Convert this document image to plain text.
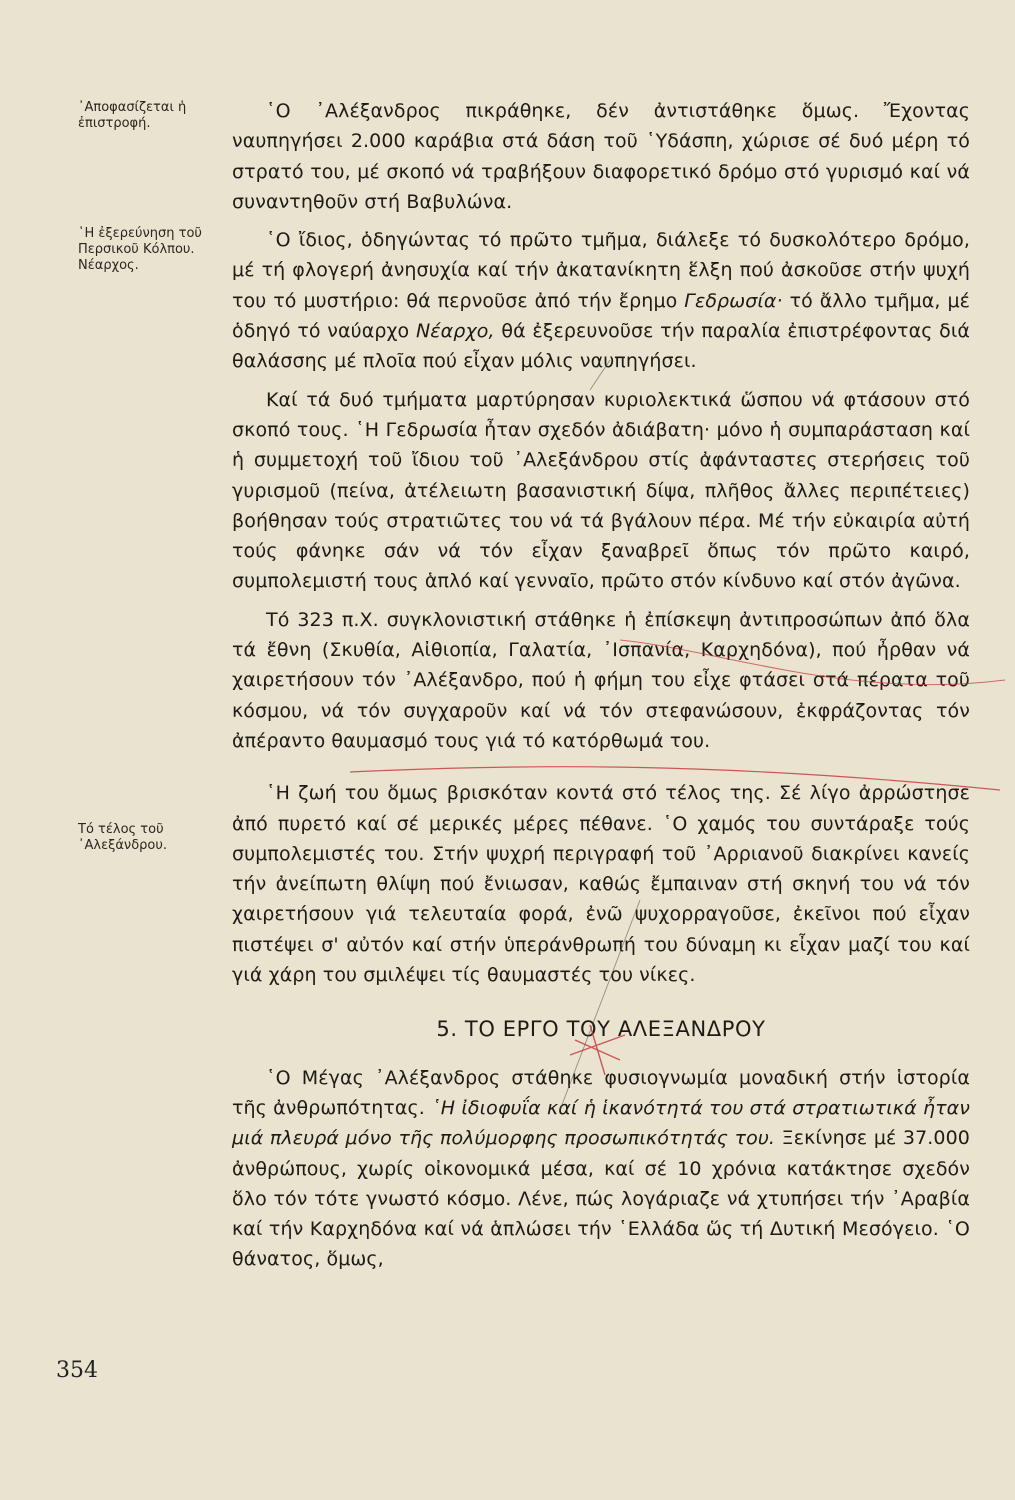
᾿Αποφασίζεται ἡ ἐπιστροφή.
῾Η ἐξερεύνηση τοῦ Περσικοῦ Κόλπου. Νέαρχος.
Τό τέλος τοῦ ᾿Αλεξάνδρου.

῾Ο ᾿Αλέξανδρος πικράθηκε, δέν ἀντιστάθηκε ὅμως. Ἔχοντας ναυπηγήσει 2.000 καράβια στά δάση τοῦ ῾Υδάσπη, χώρισε σέ δυό μέρη τό στρατό του, μέ σκοπό νά τραβήξουν διαφορετικό δρόμο στό γυρισμό καί νά συναντηθοῦν στή Βαβυλώνα.

῾Ο ἴδιος, ὁδηγώντας τό πρῶτο τμῆμα, διάλεξε τό δυσκολότερο δρόμο, μέ τή φλογερή ἀνησυχία καί τήν ἀκατανίκητη ἕλξη πού ἀσκοῦσε στήν ψυχή του τό μυστήριο: θά περνοῦσε ἀπό τήν ἔρημο Γεδρωσία· τό ἄλλο τμῆμα, μέ ὁδηγό τό ναύαρχο Νέαρχο, θά ἐξερευνοῦσε τήν παραλία ἐπιστρέφοντας διά θαλάσσης μέ πλοῖα πού εἶχαν μόλις ναυπηγήσει.

Καί τά δυό τμήματα μαρτύρησαν κυριολεκτικά ὥσπου νά φτάσουν στό σκοπό τους. ῾Η Γεδρωσία ἦταν σχεδόν ἀδιάβατη· μόνο ἡ συμπαράσταση καί ἡ συμμετοχή τοῦ ἴδιου τοῦ ᾿Αλεξάνδρου στίς ἀφάνταστες στερήσεις τοῦ γυρισμοῦ (πείνα, ἀτέλειωτη βασανιστική δίψα, πλῆθος ἄλλες περιπέτειες) βοήθησαν τούς στρατιῶτες του νά τά βγάλουν πέρα. Μέ τήν εὐκαιρία αὐτή τούς φάνηκε σάν νά τόν εἶχαν ξαναβρεῖ ὅπως τόν πρῶτο καιρό, συμπολεμιστή τους ἁπλό καί γενναῖο, πρῶτο στόν κίνδυνο καί στόν ἀγῶνα.

Τό 323 π.Χ. συγκλονιστική στάθηκε ἡ ἐπίσκεψη ἀντιπροσώπων ἀπό ὅλα τά ἔθνη (Σκυθία, Αἰθιοπία, Γαλατία, ᾿Ισπανία, Καρχηδόνα), πού ἦρθαν νά χαιρετήσουν τόν ᾿Αλέξανδρο, πού ἡ φήμη του εἶχε φτάσει στά πέρατα τοῦ κόσμου, νά τόν συγχαροῦν καί νά τόν στεφανώσουν, ἐκφράζοντας τόν ἀπέραντο θαυμασμό τους γιά τό κατόρθωμά του.

῾Η ζωή του ὅμως βρισκόταν κοντά στό τέλος της. Σέ λίγο ἀρρώστησε ἀπό πυρετό καί σέ μερικές μέρες πέθανε. ῾Ο χαμός του συντάραξε τούς συμπολεμιστές του. Στήν ψυχρή περιγραφή τοῦ ᾿Αρριανοῦ διακρίνει κανείς τήν ἀνείπωτη θλίψη πού ἔνιωσαν, καθώς ἔμπαιναν στή σκηνή του νά τόν χαιρετήσουν γιά τελευταία φορά, ἐνῶ ψυχορραγοῦσε, ἐκεῖνοι πού εἶχαν πιστέψει σ' αὐτόν καί στήν ὑπεράνθρωπή του δύναμη κι εἶχαν μαζί του καί γιά χάρη του σμιλέψει τίς θαυμαστές του νίκες.

5. ΤΟ ΕΡΓΟ ΤΟΥ ΑΛΕΞΑΝΔΡΟΥ

῾Ο Μέγας ᾿Αλέξανδρος στάθηκε φυσιογνωμία μοναδική στήν ἱστορία τῆς ἀνθρωπότητας. ῾Η ἰδιοφυΐα καί ἡ ἱκανότητά του στά στρατιωτικά ἦταν μιά πλευρά μόνο τῆς πολύμορφης προσωπικότητάς του. Ξεκίνησε μέ 37.000 ἀνθρώπους, χωρίς οἰκονομικά μέσα, καί σέ 10 χρόνια κατάκτησε σχεδόν ὅλο τόν τότε γνωστό κόσμο. Λένε, πώς λογάριαζε νά χτυπήσει τήν ᾿Αραβία καί τήν Καρχηδόνα καί νά ἁπλώσει τήν ῾Ελλάδα ὥς τή Δυτική Μεσόγειο. ῾Ο θάνατος, ὅμως,

354
